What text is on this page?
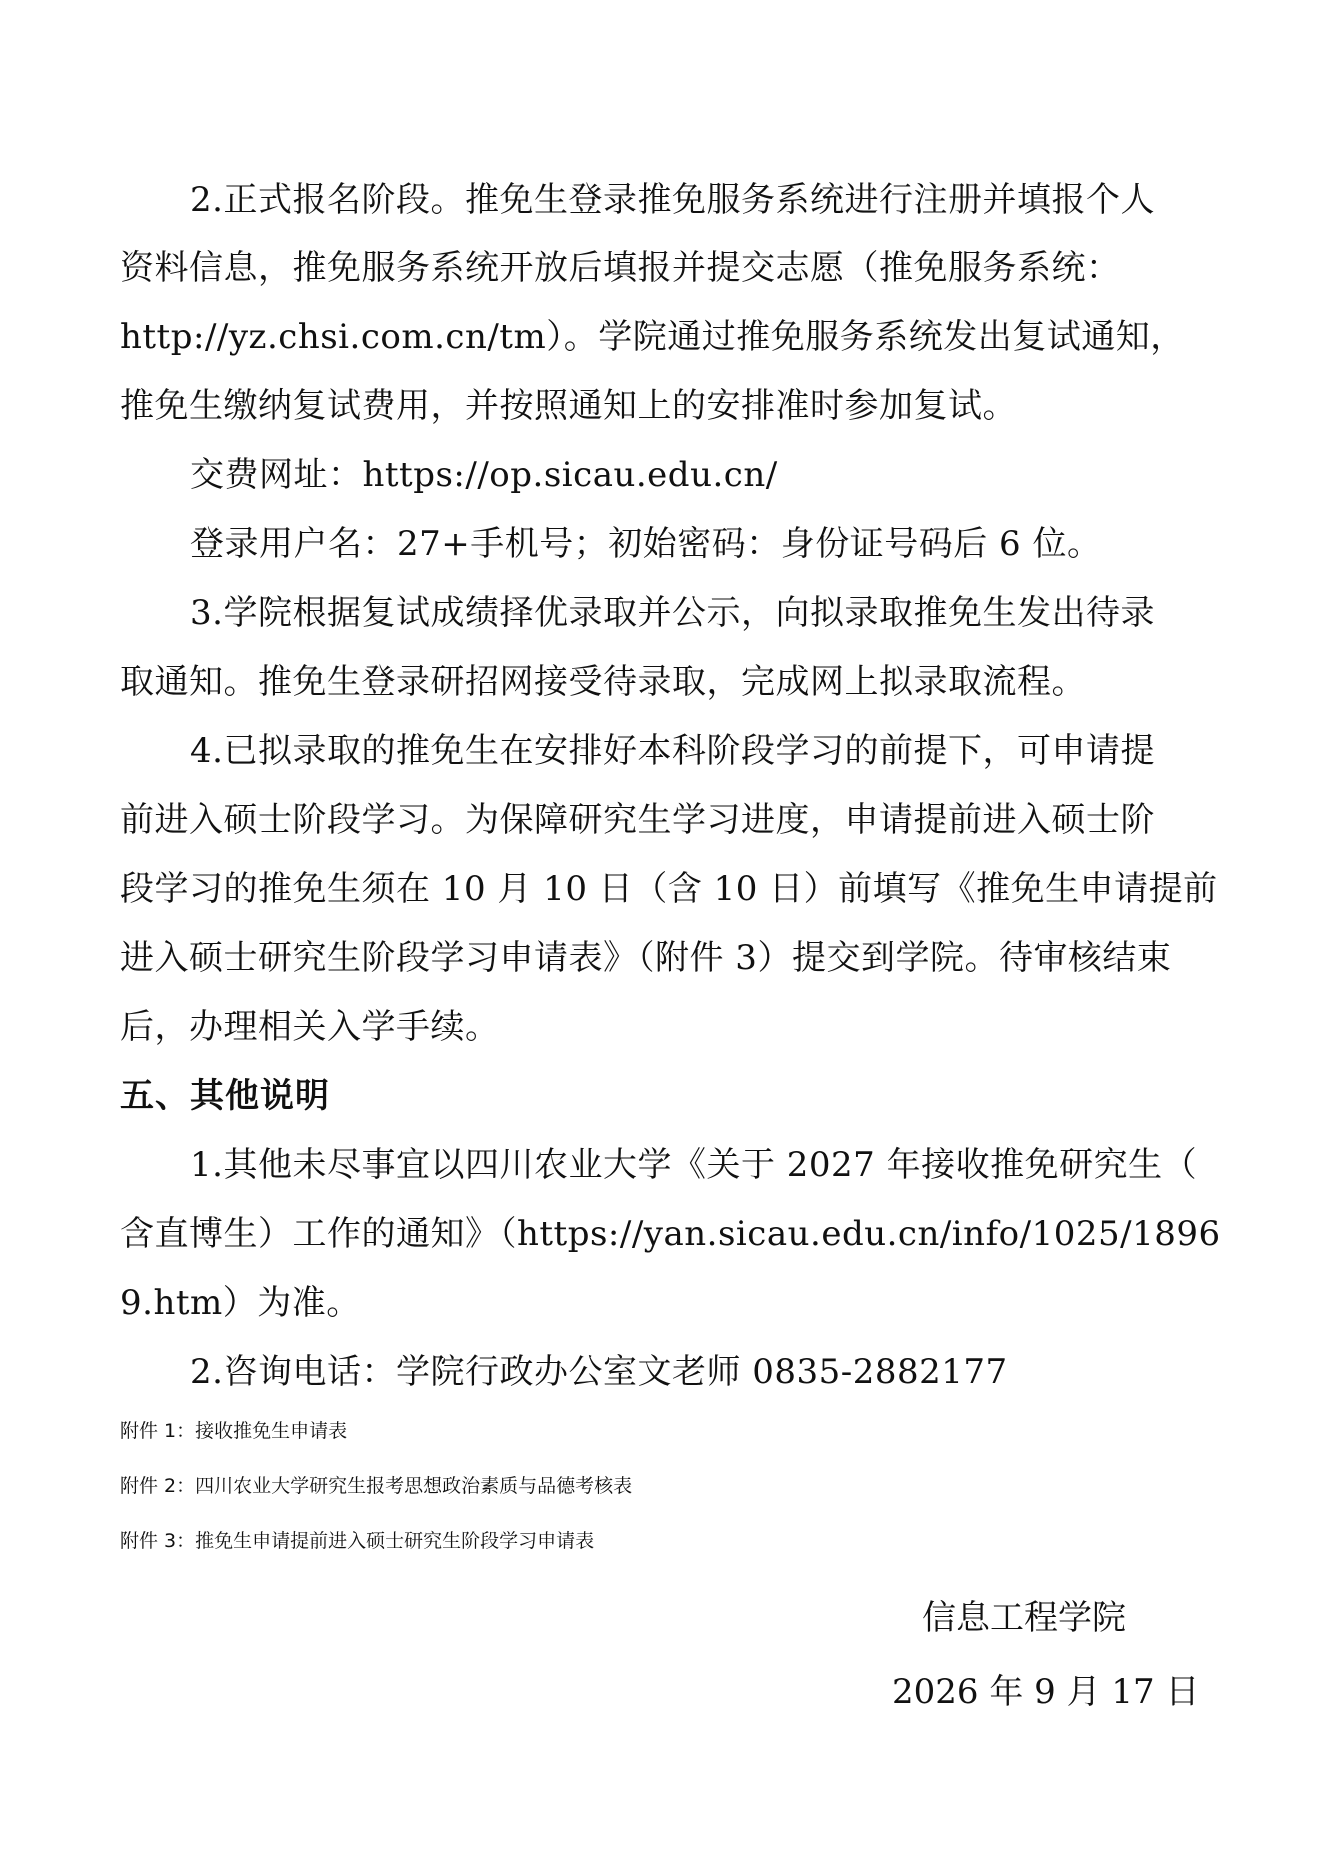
2.正式报名阶段。推免生登录推免服务系统进行注册并填报个人
资料信息，推免服务系统开放后填报并提交志愿（推免服务系统：
http://yz.chsi.com.cn/tm）。学院通过推免服务系统发出复试通知，
推免生缴纳复试费用，并按照通知上的安排准时参加复试。
交费网址：https://op.sicau.edu.cn/
登录用户名：27+手机号；初始密码：身份证号码后 6 位。
3.学院根据复试成绩择优录取并公示，向拟录取推免生发出待录
取通知。推免生登录研招网接受待录取，完成网上拟录取流程。
4.已拟录取的推免生在安排好本科阶段学习的前提下，可申请提
前进入硕士阶段学习。为保障研究生学习进度，申请提前进入硕士阶
段学习的推免生须在 10 月 10 日（含 10 日）前填写《推免生申请提前
进入硕士研究生阶段学习申请表》（附件 3）提交到学院。待审核结束
后，办理相关入学手续。
五、其他说明
1.其他未尽事宜以四川农业大学《关于 2027 年接收推免研究生（
含直博生）工作的通知》（https://yan.sicau.edu.cn/info/1025/1896
9.htm）为准。
2.咨询电话：学院行政办公室文老师 0835-2882177
附件 1：接收推免生申请表
附件 2：四川农业大学研究生报考思想政治素质与品德考核表
附件 3：推免生申请提前进入硕士研究生阶段学习申请表
信息工程学院
2026 年 9 月 17 日
